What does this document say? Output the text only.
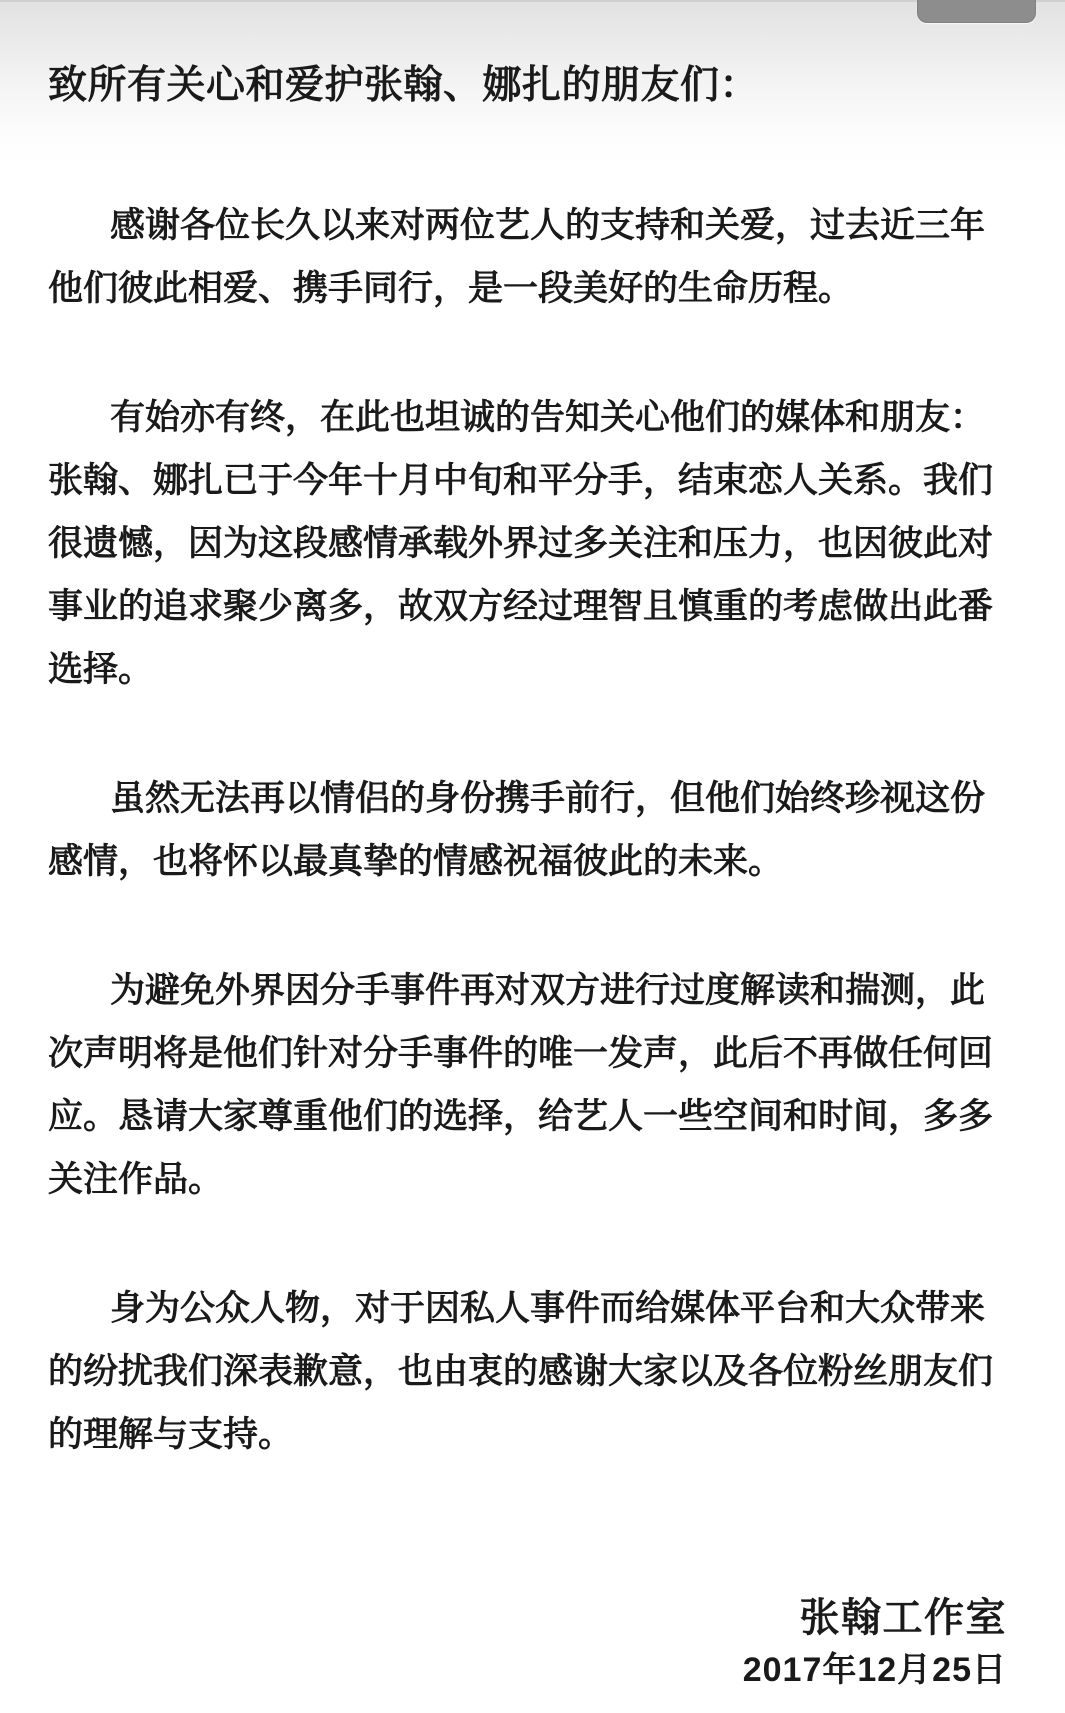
致所有关心和爱护张翰、娜扎的朋友们：
感谢各位长久以来对两位艺人的支持和关爱，过去近三年
他们彼此相爱、携手同行，是一段美好的生命历程。
有始亦有终，在此也坦诚的告知关心他们的媒体和朋友：
张翰、娜扎已于今年十月中旬和平分手，结束恋人关系。我们
很遗憾，因为这段感情承载外界过多关注和压力，也因彼此对
事业的追求聚少离多，故双方经过理智且慎重的考虑做出此番
选择。
虽然无法再以情侣的身份携手前行，但他们始终珍视这份
感情，也将怀以最真挚的情感祝福彼此的未来。
为避免外界因分手事件再对双方进行过度解读和揣测，此
次声明将是他们针对分手事件的唯一发声，此后不再做任何回
应。恳请大家尊重他们的选择，给艺人一些空间和时间，多多
关注作品。
身为公众人物，对于因私人事件而给媒体平台和大众带来
的纷扰我们深表歉意，也由衷的感谢大家以及各位粉丝朋友们
的理解与支持。
张翰工作室
2017年12月25日
